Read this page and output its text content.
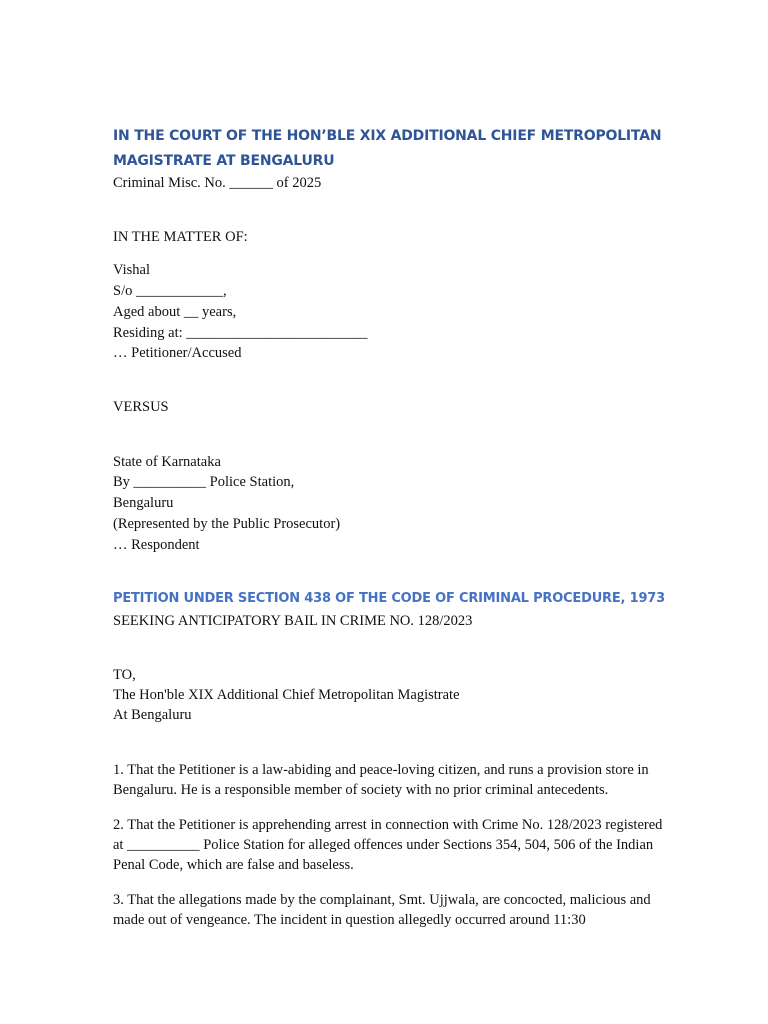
IN THE COURT OF THE HON’BLE XIX ADDITIONAL CHIEF METROPOLITAN MAGISTRATE AT BENGALURU

Criminal Misc. No. ______ of 2025

IN THE MATTER OF:

Vishal

S/o ____________,

Aged about __ years,

Residing at: _________________________

… Petitioner/Accused

VERSUS

State of Karnataka

By __________ Police Station,

Bengaluru

(Represented by the Public Prosecutor)

… Respondent

PETITION UNDER SECTION 438 OF THE CODE OF CRIMINAL PROCEDURE, 1973

SEEKING ANTICIPATORY BAIL IN CRIME NO. 128/2023

TO,

The Hon'ble XIX Additional Chief Metropolitan Magistrate

At Bengaluru

1. That the Petitioner is a law-abiding and peace-loving citizen, and runs a provision store in Bengaluru. He is a responsible member of society with no prior criminal antecedents.

2. That the Petitioner is apprehending arrest in connection with Crime No. 128/2023 registered at __________ Police Station for alleged offences under Sections 354, 504, 506 of the Indian Penal Code, which are false and baseless.

3. That the allegations made by the complainant, Smt. Ujjwala, are concocted, malicious and made out of vengeance. The incident in question allegedly occurred around 11:30
